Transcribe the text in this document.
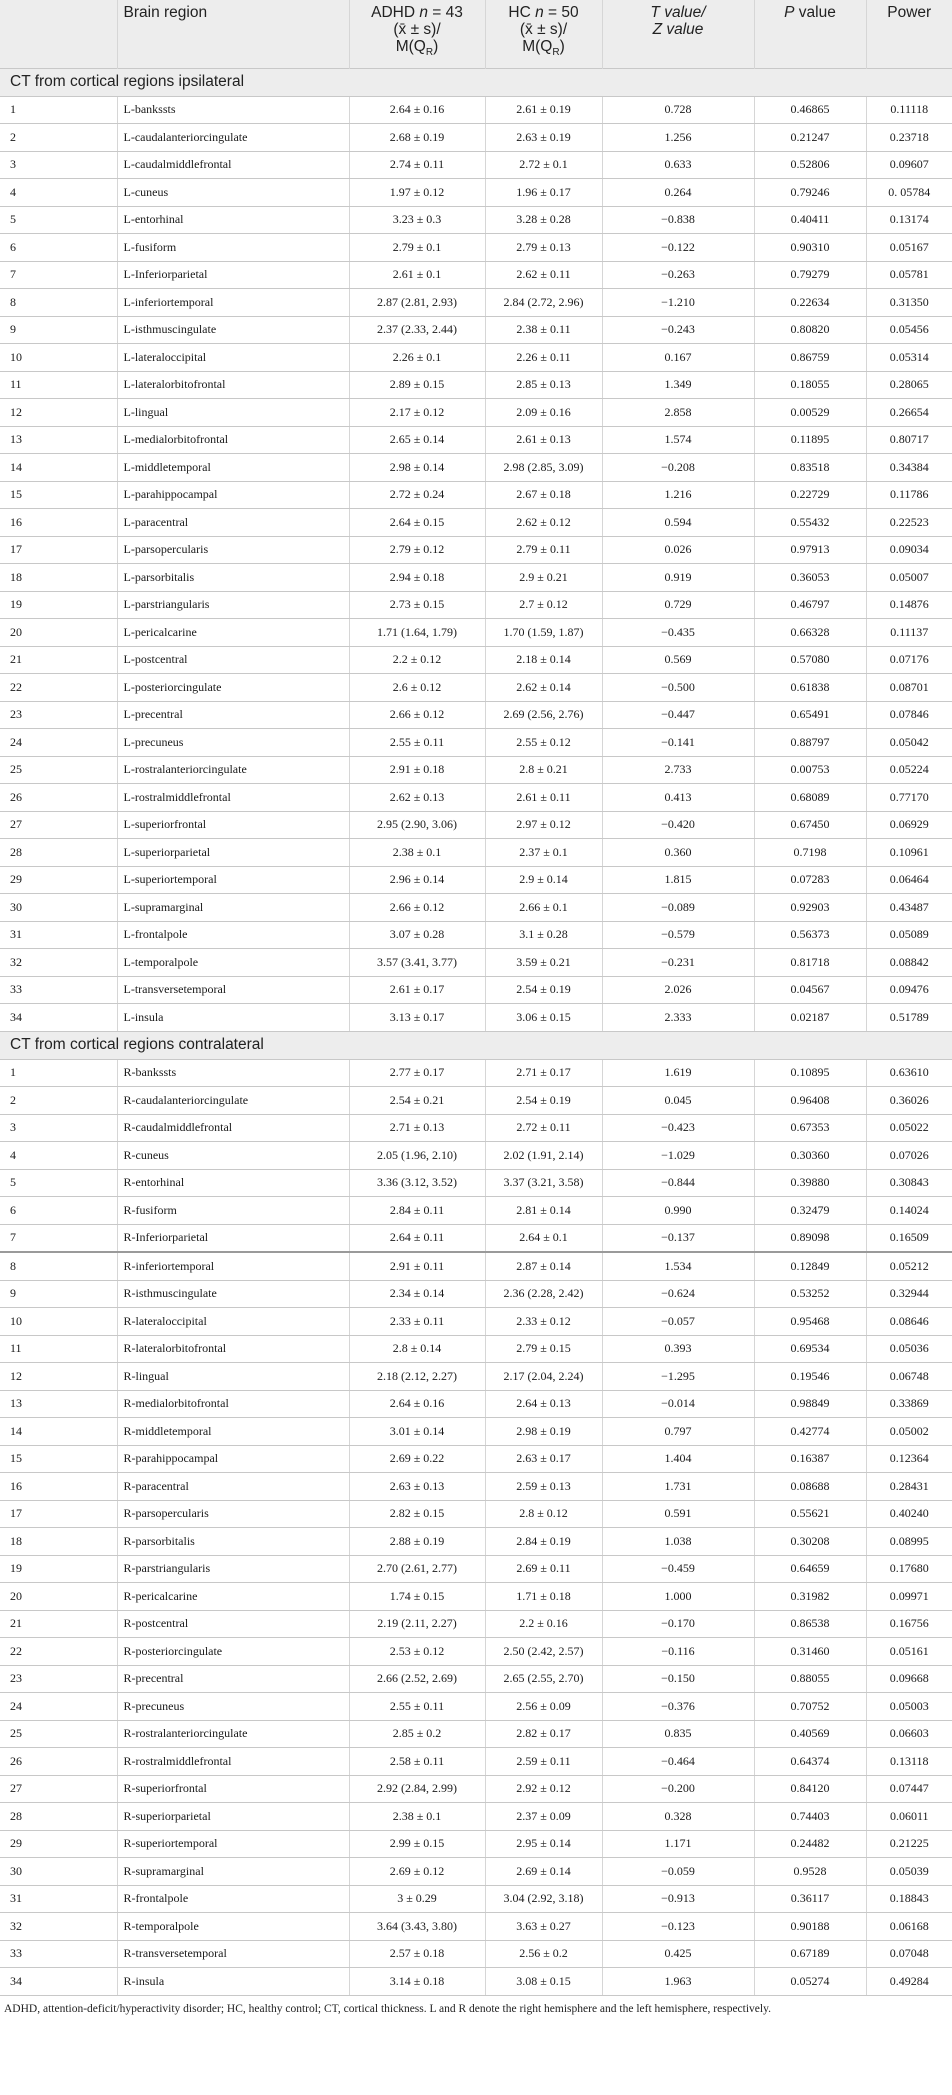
	Brain region	ADHD n = 43
(x̄ ± s)/
$M(Q_R)$	HC n = 50
(x̄ ± s)/
$M(Q_R)$	T value/
Z value	P value	Power
CT from cortical regions ipsilateral						
1	L-bankssts	2.64 ± 0.16	2.61 ± 0.19	0.728	0.46865	0.11118
2	L-caudalanteriorcingulate	2.68 ± 0.19	2.63 ± 0.19	1.256	0.21247	0.23718
3	L-caudalmiddlefrontal	2.74 ± 0.11	2.72 ± 0.1	0.633	0.52806	0.09607
4	L-cuneus	1.97 ± 0.12	1.96 ± 0.17	0.264	0.79246	0. 05784
5	L-entorhinal	3.23 ± 0.3	3.28 ± 0.28	−0.838	0.40411	0.13174
6	L-fusiform	2.79 ± 0.1	2.79 ± 0.13	−0.122	0.90310	0.05167
7	L-Inferiorparietal	2.61 ± 0.1	2.62 ± 0.11	−0.263	0.79279	0.05781
8	L-inferiortemporal	2.87 (2.81, 2.93)	2.84 (2.72, 2.96)	−1.210	0.22634	0.31350
9	L-isthmuscingulate	2.37 (2.33, 2.44)	2.38 ± 0.11	−0.243	0.80820	0.05456
10	L-lateraloccipital	2.26 ± 0.1	2.26 ± 0.11	0.167	0.86759	0.05314
11	L-lateralorbitofrontal	2.89 ± 0.15	2.85 ± 0.13	1.349	0.18055	0.28065
12	L-lingual	2.17 ± 0.12	2.09 ± 0.16	2.858	0.00529	0.26654
13	L-medialorbitofrontal	2.65 ± 0.14	2.61 ± 0.13	1.574	0.11895	0.80717
14	L-middletemporal	2.98 ± 0.14	2.98 (2.85, 3.09)	−0.208	0.83518	0.34384
15	L-parahippocampal	2.72 ± 0.24	2.67 ± 0.18	1.216	0.22729	0.11786
16	L-paracentral	2.64 ± 0.15	2.62 ± 0.12	0.594	0.55432	0.22523
17	L-parsopercularis	2.79 ± 0.12	2.79 ± 0.11	0.026	0.97913	0.09034
18	L-parsorbitalis	2.94 ± 0.18	2.9 ± 0.21	0.919	0.36053	0.05007
19	L-parstriangularis	2.73 ± 0.15	2.7 ± 0.12	0.729	0.46797	0.14876
20	L-pericalcarine	1.71 (1.64, 1.79)	1.70 (1.59, 1.87)	−0.435	0.66328	0.11137
21	L-postcentral	2.2 ± 0.12	2.18 ± 0.14	0.569	0.57080	0.07176
22	L-posteriorcingulate	2.6 ± 0.12	2.62 ± 0.14	−0.500	0.61838	0.08701
23	L-precentral	2.66 ± 0.12	2.69 (2.56, 2.76)	−0.447	0.65491	0.07846
24	L-precuneus	2.55 ± 0.11	2.55 ± 0.12	−0.141	0.88797	0.05042
25	L-rostralanteriorcingulate	2.91 ± 0.18	2.8 ± 0.21	2.733	0.00753	0.05224
26	L-rostralmiddlefrontal	2.62 ± 0.13	2.61 ± 0.11	0.413	0.68089	0.77170
27	L-superiorfrontal	2.95 (2.90, 3.06)	2.97 ± 0.12	−0.420	0.67450	0.06929
28	L-superiorparietal	2.38 ± 0.1	2.37 ± 0.1	0.360	0.7198	0.10961
29	L-superiortemporal	2.96 ± 0.14	2.9 ± 0.14	1.815	0.07283	0.06464
30	L-supramarginal	2.66 ± 0.12	2.66 ± 0.1	−0.089	0.92903	0.43487
31	L-frontalpole	3.07 ± 0.28	3.1 ± 0.28	−0.579	0.56373	0.05089
32	L-temporalpole	3.57 (3.41, 3.77)	3.59 ± 0.21	−0.231	0.81718	0.08842
33	L-transversetemporal	2.61 ± 0.17	2.54 ± 0.19	2.026	0.04567	0.09476
34	L-insula	3.13 ± 0.17	3.06 ± 0.15	2.333	0.02187	0.51789
CT from cortical regions contralateral						
1	R-bankssts	2.77 ± 0.17	2.71 ± 0.17	1.619	0.10895	0.63610
2	R-caudalanteriorcingulate	2.54 ± 0.21	2.54 ± 0.19	0.045	0.96408	0.36026
3	R-caudalmiddlefrontal	2.71 ± 0.13	2.72 ± 0.11	−0.423	0.67353	0.05022
4	R-cuneus	2.05 (1.96, 2.10)	2.02 (1.91, 2.14)	−1.029	0.30360	0.07026
5	R-entorhinal	3.36 (3.12, 3.52)	3.37 (3.21, 3.58)	−0.844	0.39880	0.30843
6	R-fusiform	2.84 ± 0.11	2.81 ± 0.14	0.990	0.32479	0.14024
7	R-Inferiorparietal	2.64 ± 0.11	2.64 ± 0.1	−0.137	0.89098	0.16509
8	R-inferiortemporal	2.91 ± 0.11	2.87 ± 0.14	1.534	0.12849	0.05212
9	R-isthmuscingulate	2.34 ± 0.14	2.36 (2.28, 2.42)	−0.624	0.53252	0.32944
10	R-lateraloccipital	2.33 ± 0.11	2.33 ± 0.12	−0.057	0.95468	0.08646
11	R-lateralorbitofrontal	2.8 ± 0.14	2.79 ± 0.15	0.393	0.69534	0.05036
12	R-lingual	2.18 (2.12, 2.27)	2.17 (2.04, 2.24)	−1.295	0.19546	0.06748
13	R-medialorbitofrontal	2.64 ± 0.16	2.64 ± 0.13	−0.014	0.98849	0.33869
14	R-middletemporal	3.01 ± 0.14	2.98 ± 0.19	0.797	0.42774	0.05002
15	R-parahippocampal	2.69 ± 0.22	2.63 ± 0.17	1.404	0.16387	0.12364
16	R-paracentral	2.63 ± 0.13	2.59 ± 0.13	1.731	0.08688	0.28431
17	R-parsopercularis	2.82 ± 0.15	2.8 ± 0.12	0.591	0.55621	0.40240
18	R-parsorbitalis	2.88 ± 0.19	2.84 ± 0.19	1.038	0.30208	0.08995
19	R-parstriangularis	2.70 (2.61, 2.77)	2.69 ± 0.11	−0.459	0.64659	0.17680
20	R-pericalcarine	1.74 ± 0.15	1.71 ± 0.18	1.000	0.31982	0.09971
21	R-postcentral	2.19 (2.11, 2.27)	2.2 ± 0.16	−0.170	0.86538	0.16756
22	R-posteriorcingulate	2.53 ± 0.12	2.50 (2.42, 2.57)	−0.116	0.31460	0.05161
23	R-precentral	2.66 (2.52, 2.69)	2.65 (2.55, 2.70)	−0.150	0.88055	0.09668
24	R-precuneus	2.55 ± 0.11	2.56 ± 0.09	−0.376	0.70752	0.05003
25	R-rostralanteriorcingulate	2.85 ± 0.2	2.82 ± 0.17	0.835	0.40569	0.06603
26	R-rostralmiddlefrontal	2.58 ± 0.11	2.59 ± 0.11	−0.464	0.64374	0.13118
27	R-superiorfrontal	2.92 (2.84, 2.99)	2.92 ± 0.12	−0.200	0.84120	0.07447
28	R-superiorparietal	2.38 ± 0.1	2.37 ± 0.09	0.328	0.74403	0.06011
29	R-superiortemporal	2.99 ± 0.15	2.95 ± 0.14	1.171	0.24482	0.21225
30	R-supramarginal	2.69 ± 0.12	2.69 ± 0.14	−0.059	0.9528	0.05039
31	R-frontalpole	3 ± 0.29	3.04 (2.92, 3.18)	−0.913	0.36117	0.18843
32	R-temporalpole	3.64 (3.43, 3.80)	3.63 ± 0.27	−0.123	0.90188	0.06168
33	R-transversetemporal	2.57 ± 0.18	2.56 ± 0.2	0.425	0.67189	0.07048
34	R-insula	3.14 ± 0.18	3.08 ± 0.15	1.963	0.05274	0.49284
ADHD, attention-deficit/hyperactivity disorder; HC, healthy control; CT, cortical thickness. L and R denote the right hemisphere and the left hemisphere, respectively.
